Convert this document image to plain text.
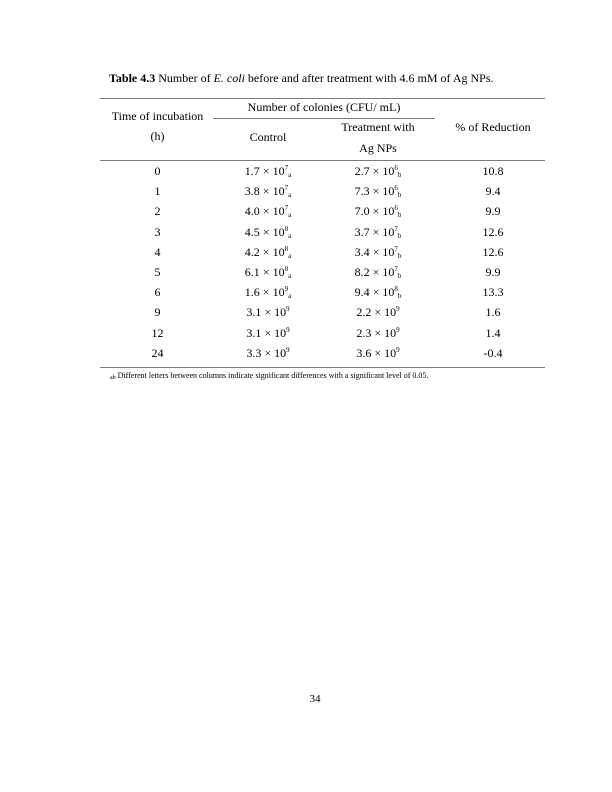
Table 4.3 Number of E. coli before and after treatment with 4.6 mM of Ag NPs.
Time of incubation
(h)
Number of colonies (CFU/ mL)
Control
Treatment with
Ag NPs
% of Reduction
0	$1.7 \times 10^7_a$	$2.7 \times 10^6_b$	10.8
1	$3.8 \times 10^7_a$	$7.3 \times 10^6_b$	9.4
2	$4.0 \times 10^7_a$	$7.0 \times 10^6_b$	9.9
3	$4.5 \times 10^8_a$	$3.7 \times 10^7_b$	12.6
4	$4.2 \times 10^8_a$	$3.4 \times 10^7_b$	12.6
5	$6.1 \times 10^8_a$	$8.2 \times 10^7_b$	9.9
6	$1.6 \times 10^9_a$	$9.4 \times 10^8_b$	13.3
9	$3.1 \times 10^9$	$2.2 \times 10^9$	1.6
12	$3.1 \times 10^9$	$2.3 \times 10^9$	1.4
24	$3.3 \times 10^9$	$3.6 \times 10^9$	-0.4
ab Different letters between columns indicate significant differences with a significant level of 0.05.
34
